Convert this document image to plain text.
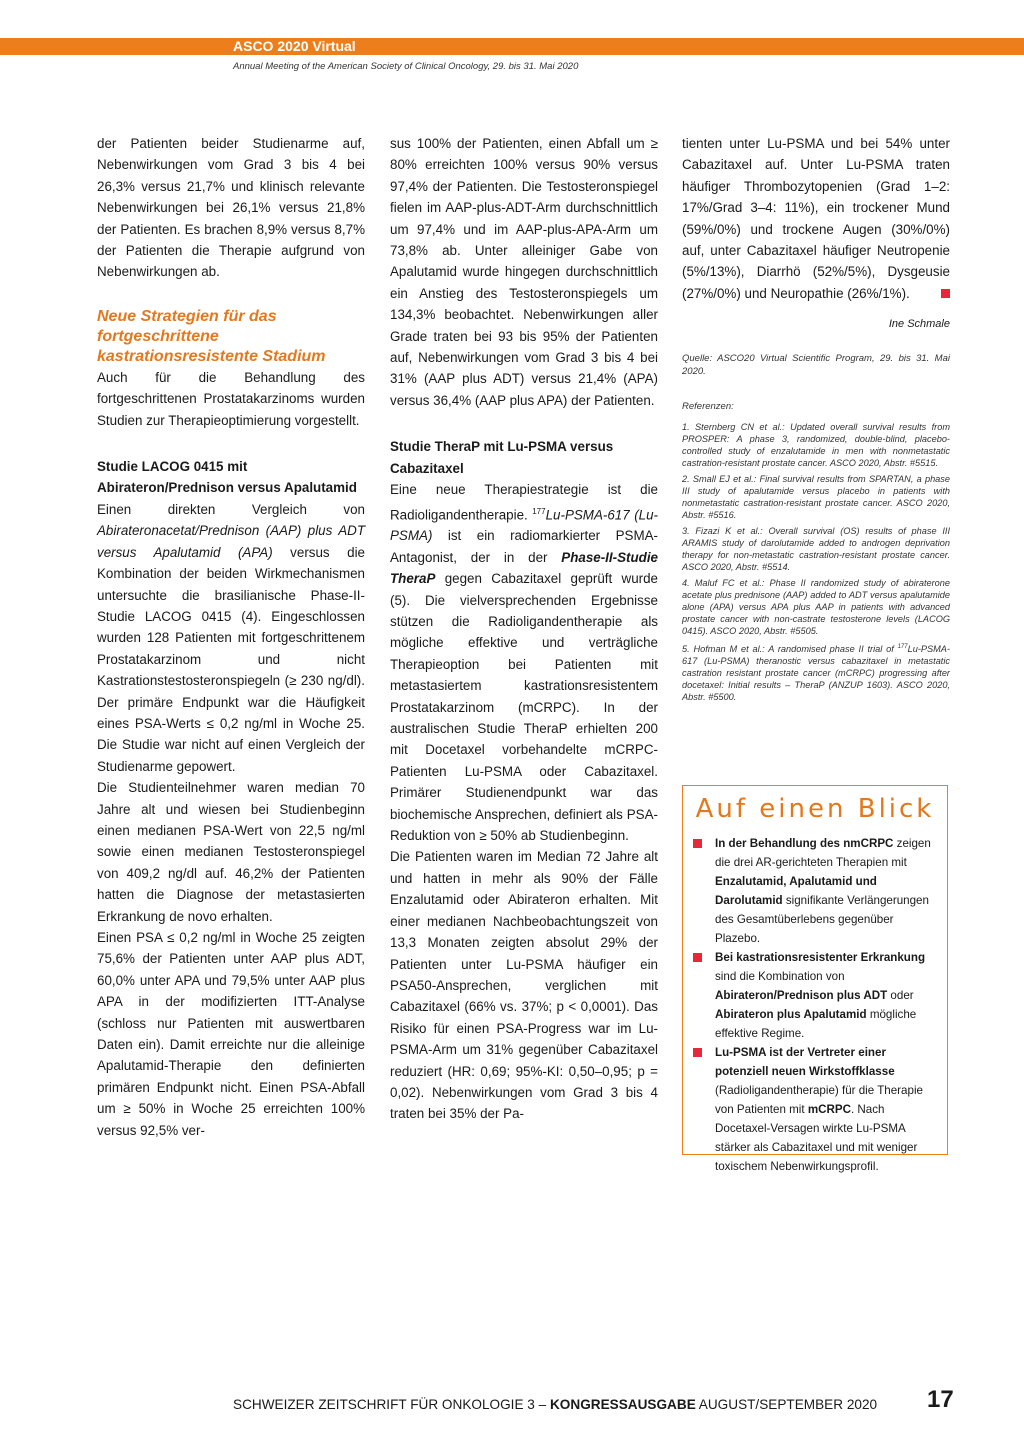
ASCO 2020 Virtual
Annual Meeting of the American Society of Clinical Oncology, 29. bis 31. Mai 2020

der Patienten beider Studienarme auf, Nebenwirkungen vom Grad 3 bis 4 bei 26,3% versus 21,7% und klinisch relevante Nebenwirkungen bei 26,1% versus 21,8% der Patienten. Es brachen 8,9% versus 8,7% der Patienten die Therapie aufgrund von Nebenwirkungen ab.

Neue Strategien für das fortgeschrittene kastrationsresistente Stadium

Auch für die Behandlung des fortgeschrittenen Prostatakarzinoms wurden Studien zur Therapieoptimierung vorgestellt.

Studie LACOG 0415 mit Abirateron/Prednison versus Apalutamid

Einen direkten Vergleich von Abirateronacetat/Prednison (AAP) plus ADT versus Apalutamid (APA) versus die Kombination der beiden Wirkmechanismen untersuchte die brasilianische Phase-II-Studie LACOG 0415 (4). Eingeschlossen wurden 128 Patienten mit fortgeschrittenem Prostatakarzinom und nicht Kastrationstestosteronspiegeln (≥ 230 ng/dl). Der primäre Endpunkt war die Häufigkeit eines PSA-Werts ≤ 0,2 ng/ml in Woche 25. Die Studie war nicht auf einen Vergleich der Studienarme gepowert.

Die Studienteilnehmer waren median 70 Jahre alt und wiesen bei Studienbeginn einen medianen PSA-Wert von 22,5 ng/ml sowie einen medianen Testosteronspiegel von 409,2 ng/dl auf. 46,2% der Patienten hatten die Diagnose der metastasierten Erkrankung de novo erhalten.

Einen PSA ≤ 0,2 ng/ml in Woche 25 zeigten 75,6% der Patienten unter AAP plus ADT, 60,0% unter APA und 79,5% unter AAP plus APA in der modifizierten ITT-Analyse (schloss nur Patienten mit auswertbaren Daten ein). Damit erreichte nur die alleinige Apalutamid-Therapie den definierten primären Endpunkt nicht. Einen PSA-Abfall um ≥ 50% in Woche 25 erreichten 100% versus 92,5% ver-

sus 100% der Patienten, einen Abfall um ≥ 80% erreichten 100% versus 90% versus 97,4% der Patienten. Die Testosteronspiegel fielen im AAP-plus-ADT-Arm durchschnittlich um 97,4% und im AAP-plus-APA-Arm um 73,8% ab. Unter alleiniger Gabe von Apalutamid wurde hingegen durchschnittlich ein Anstieg des Testosteronspiegels um 134,3% beobachtet. Nebenwirkungen aller Grade traten bei 93 bis 95% der Patienten auf, Nebenwirkungen vom Grad 3 bis 4 bei 31% (AAP plus ADT) versus 21,4% (APA) versus 36,4% (AAP plus APA) der Patienten.

Studie TheraP mit Lu-PSMA versus Cabazitaxel

Eine neue Therapiestrategie ist die Radioligandentherapie. $^{177}$Lu-PSMA-617 (Lu-PSMA) ist ein radiomarkierter PSMA-Antagonist, der in der Phase-II-Studie TheraP gegen Cabazitaxel geprüft wurde (5). Die vielversprechenden Ergebnisse stützen die Radioligandentherapie als mögliche effektive und verträgliche Therapieoption bei Patienten mit metastasiertem kastrationsresistentem Prostatakarzinom (mCRPC). In der australischen Studie TheraP erhielten 200 mit Docetaxel vorbehandelte mCRPC-Patienten Lu-PSMA oder Cabazitaxel. Primärer Studienendpunkt war das biochemische Ansprechen, definiert als PSA-Reduktion von ≥ 50% ab Studienbeginn.

Die Patienten waren im Median 72 Jahre alt und hatten in mehr als 90% der Fälle Enzalutamid oder Abirateron erhalten. Mit einer medianen Nachbeobachtungszeit von 13,3 Monaten zeigten absolut 29% der Patienten unter Lu-PSMA häufiger ein PSA50-Ansprechen, verglichen mit Cabazitaxel (66% vs. 37%; p < 0,0001). Das Risiko für einen PSA-Progress war im Lu-PSMA-Arm um 31% gegenüber Cabazitaxel reduziert (HR: 0,69; 95%-KI: 0,50–0,95; p = 0,02). Nebenwirkungen vom Grad 3 bis 4 traten bei 35% der Pa-

tienten unter Lu-PSMA und bei 54% unter Cabazitaxel auf. Unter Lu-PSMA traten häufiger Thrombozytopenien (Grad 1–2: 17%/Grad 3–4: 11%), ein trockener Mund (59%/0%) und trockene Augen (30%/0%) auf, unter Cabazitaxel häufiger Neutropenie (5%/13%), Diarrhö (52%/5%), Dysgeusie (27%/0%) und Neuropathie (26%/1%).

Ine Schmale
Quelle: ASCO20 Virtual Scientific Program, 29. bis 31. Mai 2020.
Referenzen:
1. Sternberg CN et al.: Updated overall survival results from PROSPER: A phase 3, randomized, double-blind, placebo-controlled study of enzalutamide in men with nonmetastatic castration-resistant prostate cancer. ASCO 2020, Abstr. #5515.
2. Small EJ et al.: Final survival results from SPARTAN, a phase III study of apalutamide versus placebo in patients with nonmetastatic castration-resistant prostate cancer. ASCO 2020, Abstr. #5516.
3. Fizazi K et al.: Overall survival (OS) results of phase III ARAMIS study of darolutamide added to androgen deprivation therapy for non-metastatic castration-resistant prostate cancer. ASCO 2020, Abstr. #5514.
4. Maluf FC et al.: Phase II randomized study of abiraterone acetate plus prednisone (AAP) added to ADT versus apalutamide alone (APA) versus APA plus AAP in patients with advanced prostate cancer with non-castrate testosterone levels (LACOG 0415). ASCO 2020, Abstr. #5505.
5. Hofman M et al.: A randomised phase II trial of $^{177}$Lu-PSMA-617 (Lu-PSMA) theranostic versus cabazitaxel in metastatic castration resistant prostate cancer (mCRPC) progressing after docetaxel: Initial results – TheraP (ANZUP 1603). ASCO 2020, Abstr. #5500.
Auf einen Blick
In der Behandlung des nmCRPC zeigen die drei AR-gerichteten Therapien mit Enzalutamid, Apalutamid und Darolutamid signifikante Verlängerungen des Gesamtüberlebens gegenüber Plazebo.
Bei kastrationsresistenter Erkrankung sind die Kombination von Abirateron/Prednison plus ADT oder Abirateron plus Apalutamid mögliche effektive Regime.
Lu-PSMA ist der Vertreter einer potenziell neuen Wirkstoffklasse (Radioligandentherapie) für die Therapie von Patienten mit mCRPC. Nach Docetaxel-Versagen wirkte Lu-PSMA stärker als Cabazitaxel und mit weniger toxischem Nebenwirkungsprofil.
SCHWEIZER ZEITSCHRIFT FÜR ONKOLOGIE 3 – KONGRESSAUSGABE AUGUST/SEPTEMBER 2020 17
